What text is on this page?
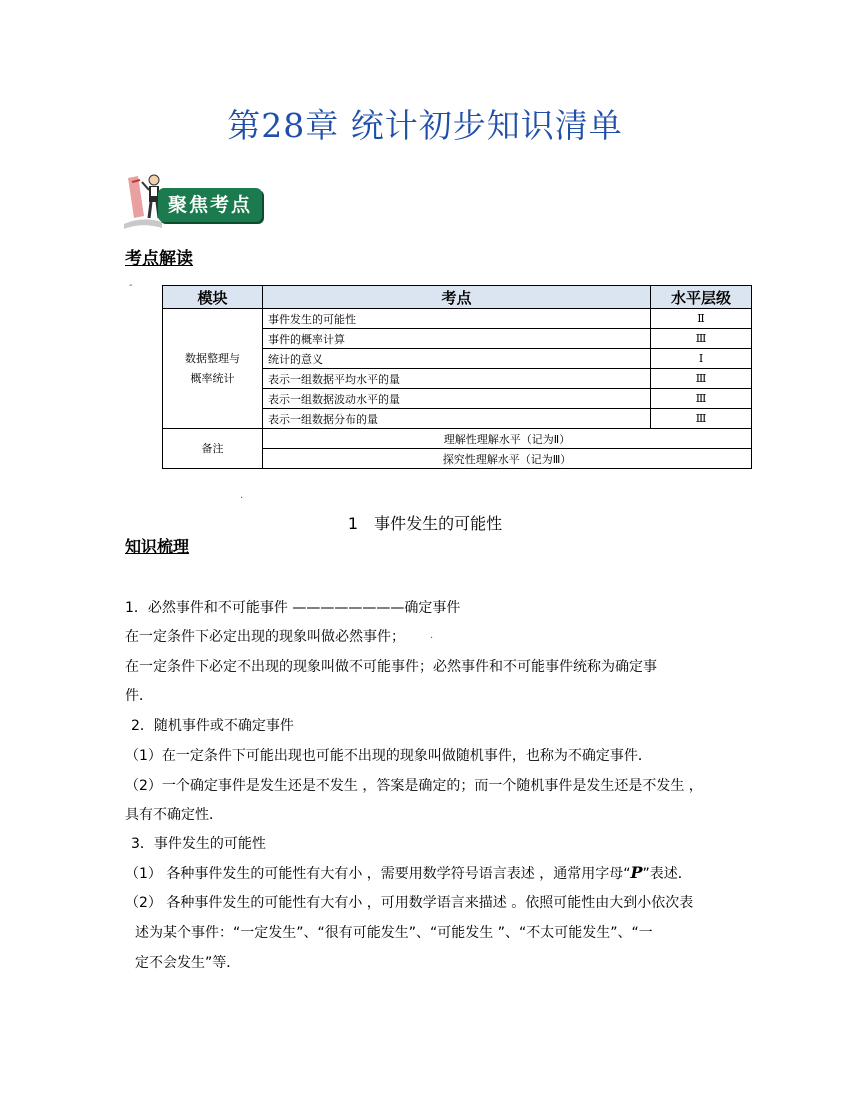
第28章 统计初步知识清单
聚焦考点
考点解读
-
模块	考点	水平层级

数据整理与
概率统计	事件发生的可能性	Ⅱ
	事件的概率计算	Ⅲ
	统计的意义	Ⅰ
	表示一组数据平均水平的量	Ⅲ
	表示一组数据波动水平的量	Ⅲ
	表示一组数据分布的量	Ⅲ
备注	理解性理解水平（记为Ⅱ）	
	探究性理解水平（记为Ⅲ）	
.
1 事件发生的可能性
知识梳理
1．必然事件和不可能事件 ————————确定事件
在一定条件下必定出现的现象叫做必然事件；	.
在一定条件下必定不出现的现象叫做不可能事件；必然事件和不可能事件统称为确定事
件．
2．随机事件或不确定事件
（1）在一定条件下可能出现也可能不出现的现象叫做随机事件，也称为不确定事件．
（2）一个确定事件是发生还是不发生 ，答案是确定的；而一个随机事件是发生还是不发生 ，
具有不确定性．
3．事件发生的可能性
（1） 各种事件发生的可能性有大有小 ，需要用数学符号语言表述 ，通常用字母“P”表述．
（2） 各种事件发生的可能性有大有小 ，可用数学语言来描述 。依照可能性由大到小依次表
述为某个事件：“一定发生”、“很有可能发生”、“可能发生 ”、“不太可能发生”、“一
定不会发生”等．
